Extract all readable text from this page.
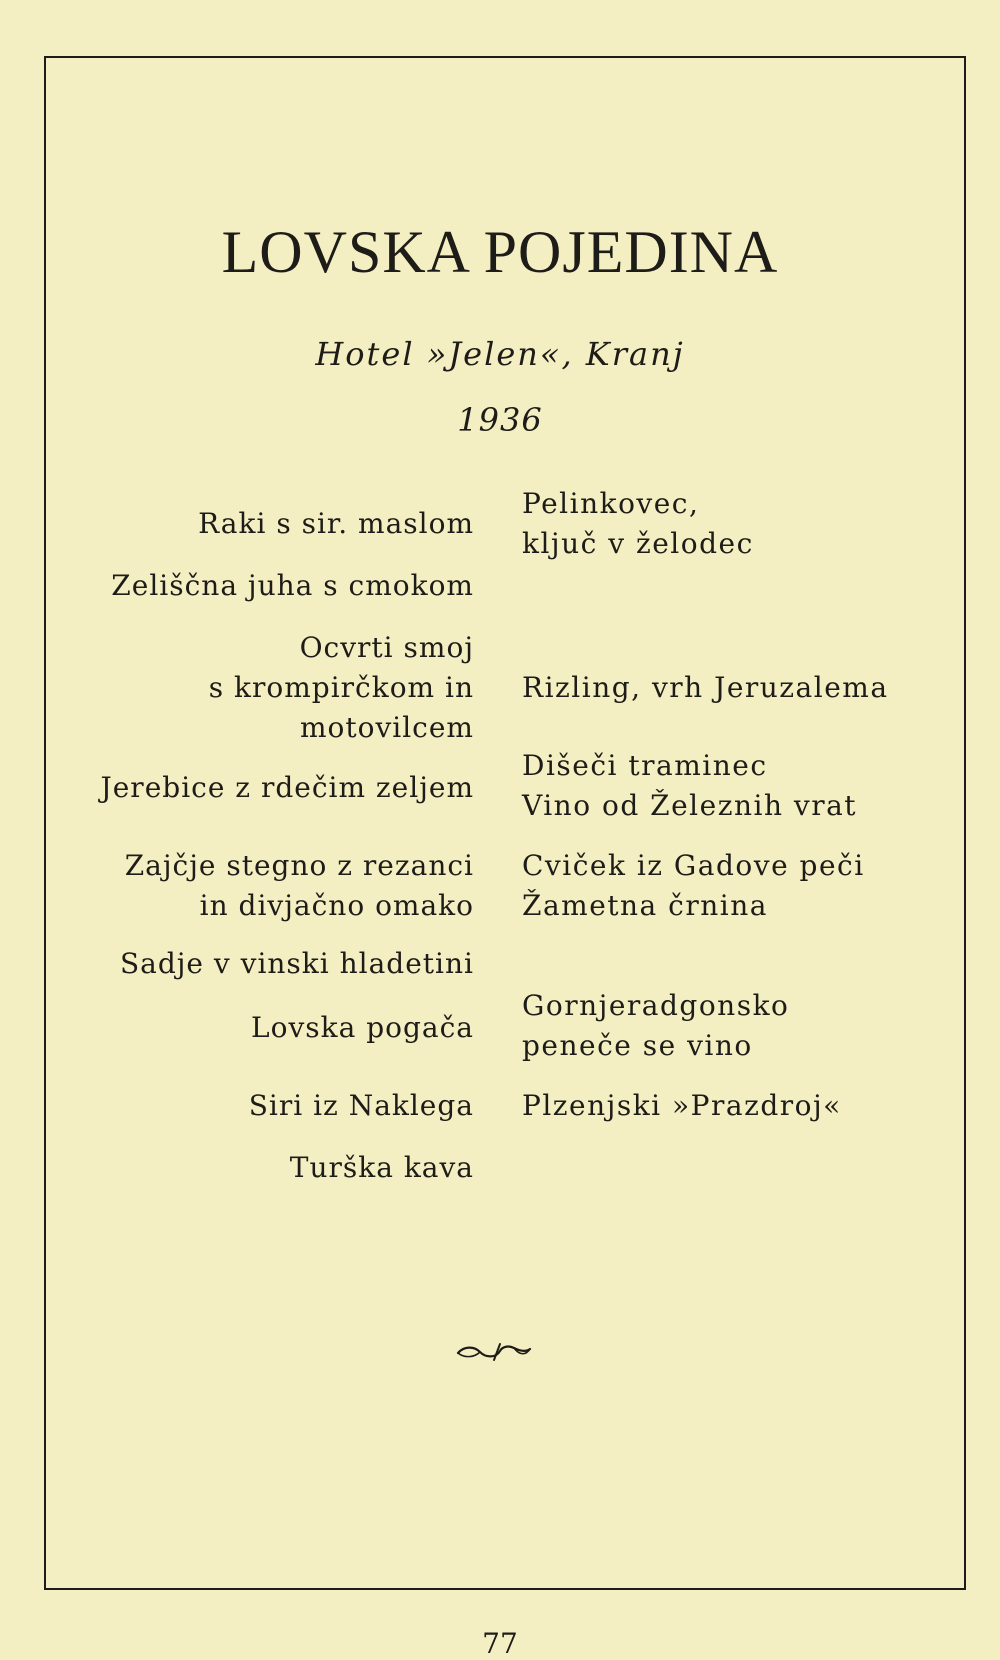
LOVSKA POJEDINA
Hotel »Jelen«, Kranj
1936
Raki s sir. maslom
Zeliščna juha s cmokom
Ocvrti smoj
s krompirčkom in
motovilcem
Jerebice z rdečim zeljem
Zajčje stegno z rezanci
in divjačno omako
Sadje v vinski hladetini
Lovska pogača
Siri iz Naklega
Turška kava
Pelinkovec,
ključ v želodec
Rizling, vrh Jeruzalema
Dišeči traminec
Vino od Železnih vrat
Cviček iz Gadove peči
Žametna črnina
Gornjeradgonsko
peneče se vino
Plzenjski »Prazdroj«
77
